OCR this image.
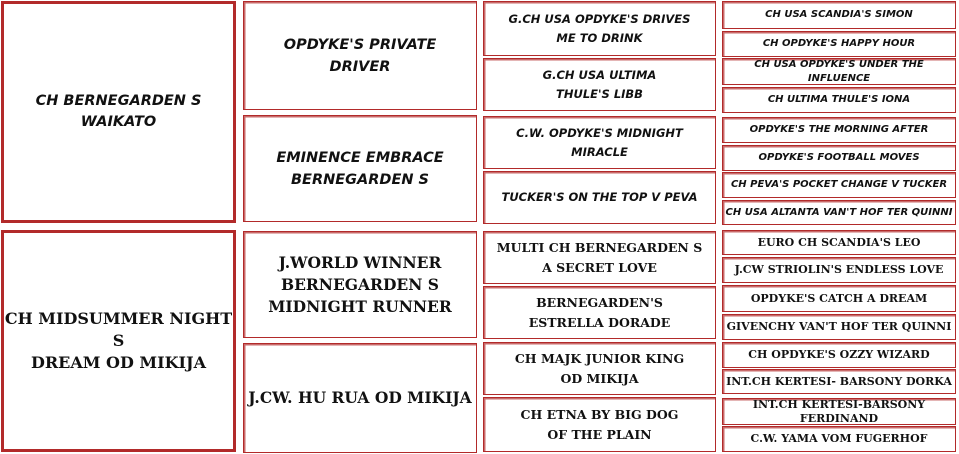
CH BERNEGARDEN S
WAIKATO
CH MIDSUMMER NIGHT S
DREAM OD MIKIJA
OPDYKE'S PRIVATE
DRIVER
EMINENCE EMBRACE
BERNEGARDEN S
J.WORLD WINNER
BERNEGARDEN S
MIDNIGHT RUNNER
J.CW. HU RUA OD MIKIJA
G.CH USA OPDYKE'S DRIVES
ME TO DRINK
G.CH USA ULTIMA
THULE'S LIBB
C.W. OPDYKE'S MIDNIGHT
MIRACLE
TUCKER'S ON THE TOP V PEVA
MULTI CH BERNEGARDEN S
A SECRET LOVE
BERNEGARDEN'S
ESTRELLA DORADE
CH MAJK JUNIOR KING
OD MIKIJA
CH ETNA BY BIG DOG
OF THE PLAIN
CH USA SCANDIA'S SIMON
CH OPDYKE'S HAPPY HOUR
CH USA OPDYKE'S UNDER THE INFLUENCE
CH ULTIMA THULE'S IONA
OPDYKE'S THE MORNING AFTER
OPDYKE'S FOOTBALL MOVES
CH PEVA'S POCKET CHANGE V TUCKER
CH USA ALTANTA VAN'T HOF TER QUINNI
EURO CH SCANDIA'S LEO
J.CW STRIOLIN'S ENDLESS LOVE
OPDYKE'S CATCH A DREAM
GIVENCHY VAN'T HOF TER QUINNI
CH OPDYKE'S OZZY WIZARD
INT.CH KERTESI- BARSONY DORKA
INT.CH KERTESI-BARSONY FERDINAND
C.W. YAMA VOM FUGERHOF
